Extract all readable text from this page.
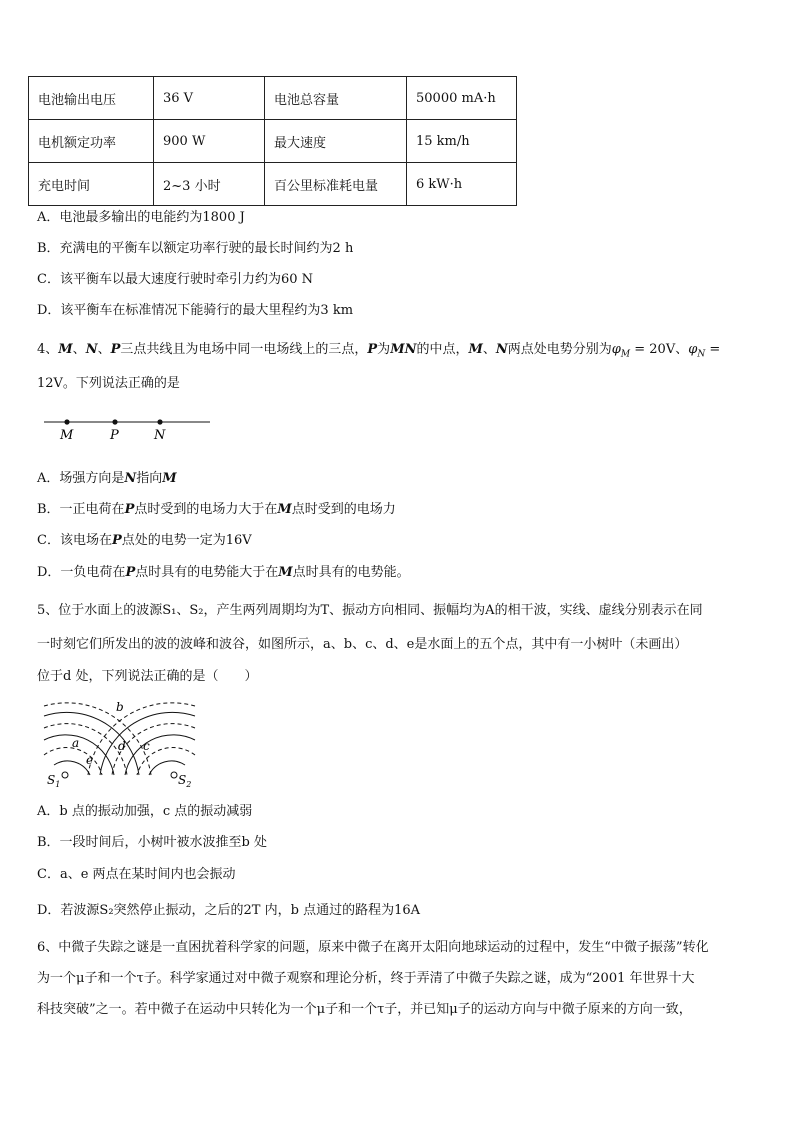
电池输出电压	36 V	电池总容量	50000 mA·h
电机额定功率	900 W	最大速度	15 km/h
充电时间	2~3 小时	百公里标准耗电量	6 kW·h
A．电池最多输出的电能约为1800 J
B．充满电的平衡车以额定功率行驶的最长时间约为2 h
C．该平衡车以最大速度行驶时牵引力约为60 N
D．该平衡车在标准情况下能骑行的最大里程约为3 km
4、M、N、P三点共线且为电场中同一电场线上的三点，P为MN的中点，M、N两点处电势分别为$\varphi_M = 20V$、$\varphi_N$ =
12V。下列说法正确的是
M	P	N
A．场强方向是N指向M
B．一正电荷在P点时受到的电场力大于在M点时受到的电场力
C．该电场在P点处的电势一定为16V
D．一负电荷在P点时具有的电势能大于在M点时具有的电势能。
5、位于水面上的波源S₁、S₂，产生两列周期均为T、振动方向相同、振幅均为A的相干波，实线、虚线分别表示在同
一时刻它们所发出的波的波峰和波谷，如图所示，a、b、c、d、e是水面上的五个点，其中有一小树叶（未画出）
位于d 处，下列说法正确的是（　　）
b
a	d c
e
$S_1$	$S_2$
A．b 点的振动加强，c 点的振动减弱
B．一段时间后，小树叶被水波推至b 处
C．a、e 两点在某时间内也会振动
D．若波源S₂突然停止振动，之后的2T 内，b 点通过的路程为16A
6、中微子失踪之谜是一直困扰着科学家的问题，原来中微子在离开太阳向地球运动的过程中，发生“中微子振荡”转化
为一个μ子和一个τ子。科学家通过对中微子观察和理论分析，终于弄清了中微子失踪之谜，成为“2001 年世界十大
科技突破”之一。若中微子在运动中只转化为一个μ子和一个τ子，并已知μ子的运动方向与中微子原来的方向一致，
